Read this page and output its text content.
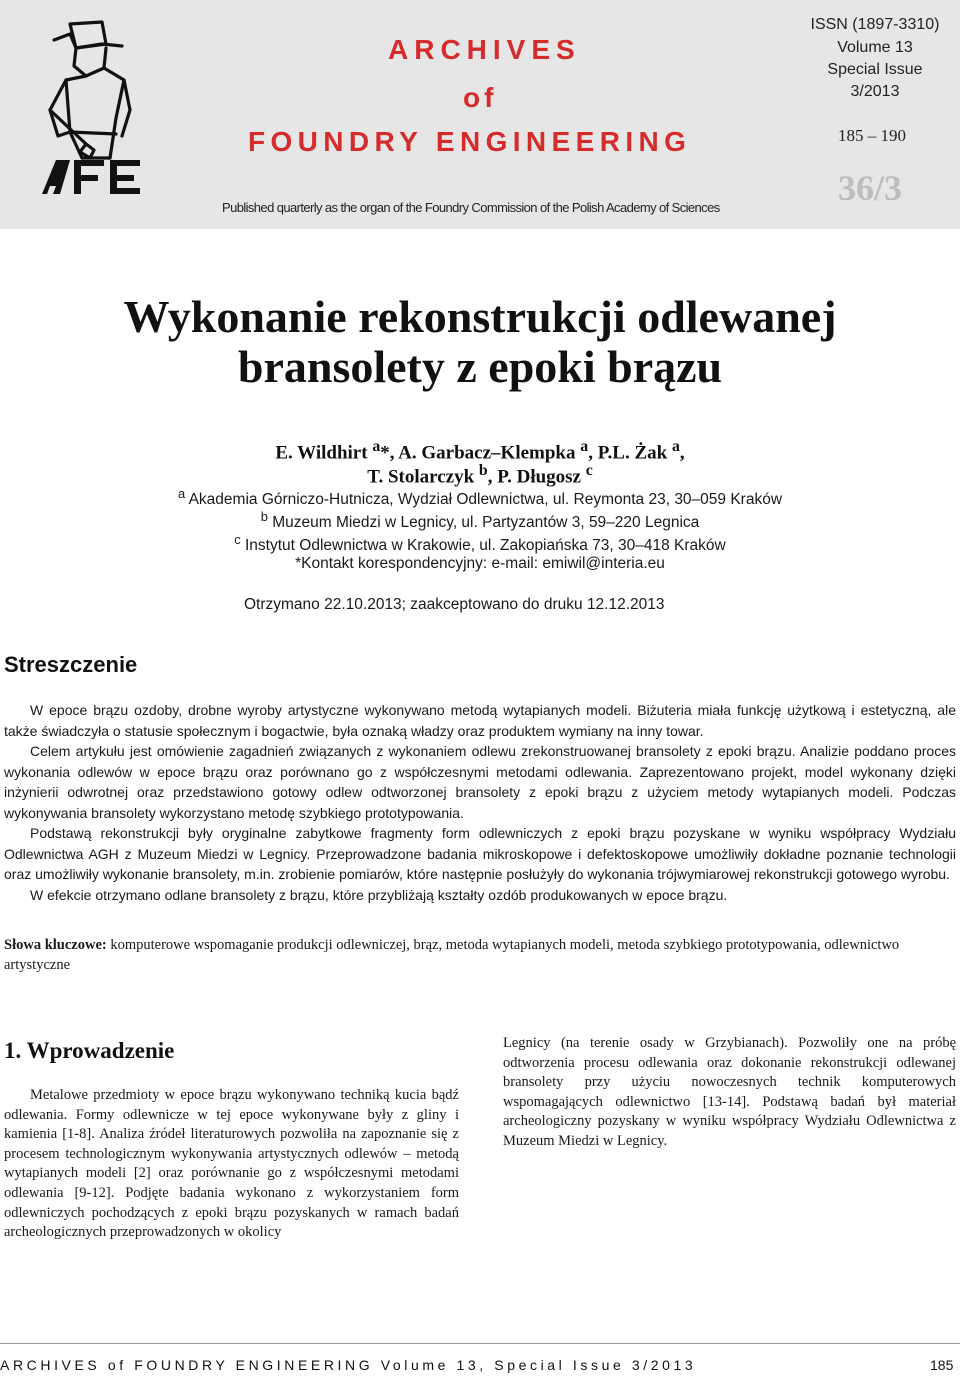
AFE
ARCHIVES
of
FOUNDRY ENGINEERING
Published quarterly as the organ of the Foundry Commission of the Polish Academy of Sciences
ISSN (1897-3310)
Volume 13
Special Issue
3/2013
185 – 190
36/3
Wykonanie rekonstrukcji odlewanej
bransolety z epoki brązu
E. Wildhirt $^a$*, A. Garbacz–Klempka $^a$, P.L. Żak $^a$,
T. Stolarczyk $^b$, P. Długosz $^c$
$^a$ Akademia Górniczo-Hutnicza, Wydział Odlewnictwa, ul. Reymonta 23, 30–059 Kraków
$^b$ Muzeum Miedzi w Legnicy, ul. Partyzantów 3, 59–220 Legnica
$^c$ Instytut Odlewnictwa w Krakowie, ul. Zakopiańska 73, 30–418 Kraków
*Kontakt korespondencyjny: e-mail: emiwil@interia.eu
Otrzymano 22.10.2013; zaakceptowano do druku 12.12.2013
Streszczenie

W epoce brązu ozdoby, drobne wyroby artystyczne wykonywano metodą wytapianych modeli. Biżuteria miała funkcję użytkową i estetyczną, ale także świadczyła o statusie społecznym i bogactwie, była oznaką władzy oraz produktem wymiany na inny towar.

Celem artykułu jest omówienie zagadnień związanych z wykonaniem odlewu zrekonstruowanej bransolety z epoki brązu. Analizie poddano proces wykonania odlewów w epoce brązu oraz porównano go z współczesnymi metodami odlewania. Zaprezentowano projekt, model wykonany dzięki inżynierii odwrotnej oraz przedstawiono gotowy odlew odtworzonej bransolety z epoki brązu z użyciem metody wytapianych modeli. Podczas wykonywania bransolety wykorzystano metodę szybkiego prototypowania.

Podstawą rekonstrukcji były oryginalne zabytkowe fragmenty form odlewniczych z epoki brązu pozyskane w wyniku współpracy Wydziału Odlewnictwa AGH z Muzeum Miedzi w Legnicy. Przeprowadzone badania mikroskopowe i defektoskopowe umożliwiły dokładne poznanie technologii oraz umożliwiły wykonanie bransolety, m.in. zrobienie pomiarów, które następnie posłużyły do wykonania trójwymiarowej rekonstrukcji gotowego wyrobu.

W efekcie otrzymano odlane bransolety z brązu, które przybliżają kształty ozdób produkowanych w epoce brązu.

Słowa kluczowe: komputerowe wspomaganie produkcji odlewniczej, brąz, metoda wytapianych modeli, metoda szybkiego prototypowania, odlewnictwo artystyczne
1. Wprowadzenie

Metalowe przedmioty w epoce brązu wykonywano techniką kucia bądź odlewania. Formy odlewnicze w tej epoce wykonywane były z gliny i kamienia [1-8]. Analiza źródeł literaturowych pozwoliła na zapoznanie się z procesem technologicznym wykonywania artystycznych odlewów – metodą wytapianych modeli [2] oraz porównanie go z współczesnymi metodami odlewania [9-12]. Podjęte badania wykonano z wykorzystaniem form odlewniczych pochodzących z epoki brązu pozyskanych w ramach badań archeologicznych przeprowadzonych w okolicy

Legnicy (na terenie osady w Grzybianach). Pozwoliły one na próbę odtworzenia procesu odlewania oraz dokonanie rekonstrukcji odlewanej bransolety przy użyciu nowoczesnych technik komputerowych wspomagających odlewnictwo [13-14]. Podstawą badań był materiał archeologiczny pozyskany w wyniku współpracy Wydziału Odlewnictwa z Muzeum Miedzi w Legnicy.

ARCHIVES of FOUNDRY ENGINEERING Volume 13, Special Issue 3/2013	185
